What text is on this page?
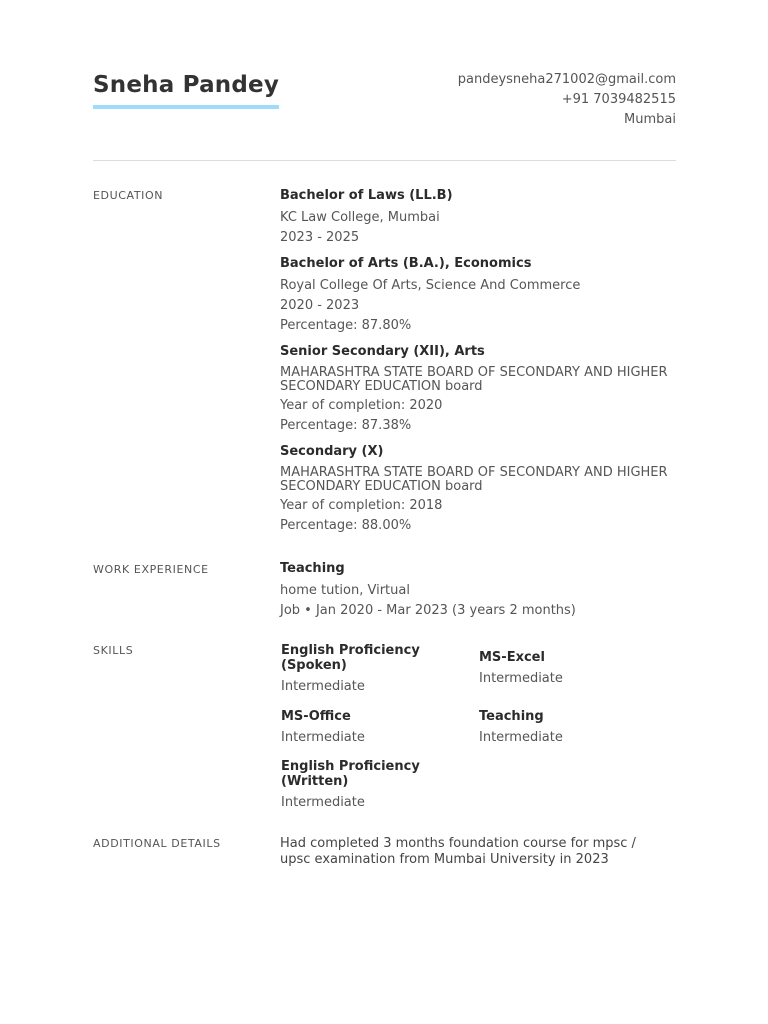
Sneha Pandey	pandeysneha271002@gmail.com
+91 7039482515
Mumbai
EDUCATION	Bachelor of Laws (LL.B)
KC Law College, Mumbai
2023 - 2025
Bachelor of Arts (B.A.), Economics
Royal College Of Arts, Science And Commerce
2020 - 2023
Percentage: 87.80%
Senior Secondary (XII), Arts
MAHARASHTRA STATE BOARD OF SECONDARY AND HIGHER SECONDARY EDUCATION board
Year of completion: 2020
Percentage: 87.38%
Secondary (X)
MAHARASHTRA STATE BOARD OF SECONDARY AND HIGHER SECONDARY EDUCATION board
Year of completion: 2018
Percentage: 88.00%
WORK EXPERIENCE	Teaching
home tution, Virtual
Job • Jan 2020 - Mar 2023 (3 years 2 months)
SKILLS	English Proficiency (Spoken)
Intermediate
MS-Excel
Intermediate
MS-Office
Intermediate
Teaching
Intermediate
English Proficiency (Written)
Intermediate
ADDITIONAL DETAILS	Had completed 3 months foundation course for mpsc / upsc examination from Mumbai University in 2023
